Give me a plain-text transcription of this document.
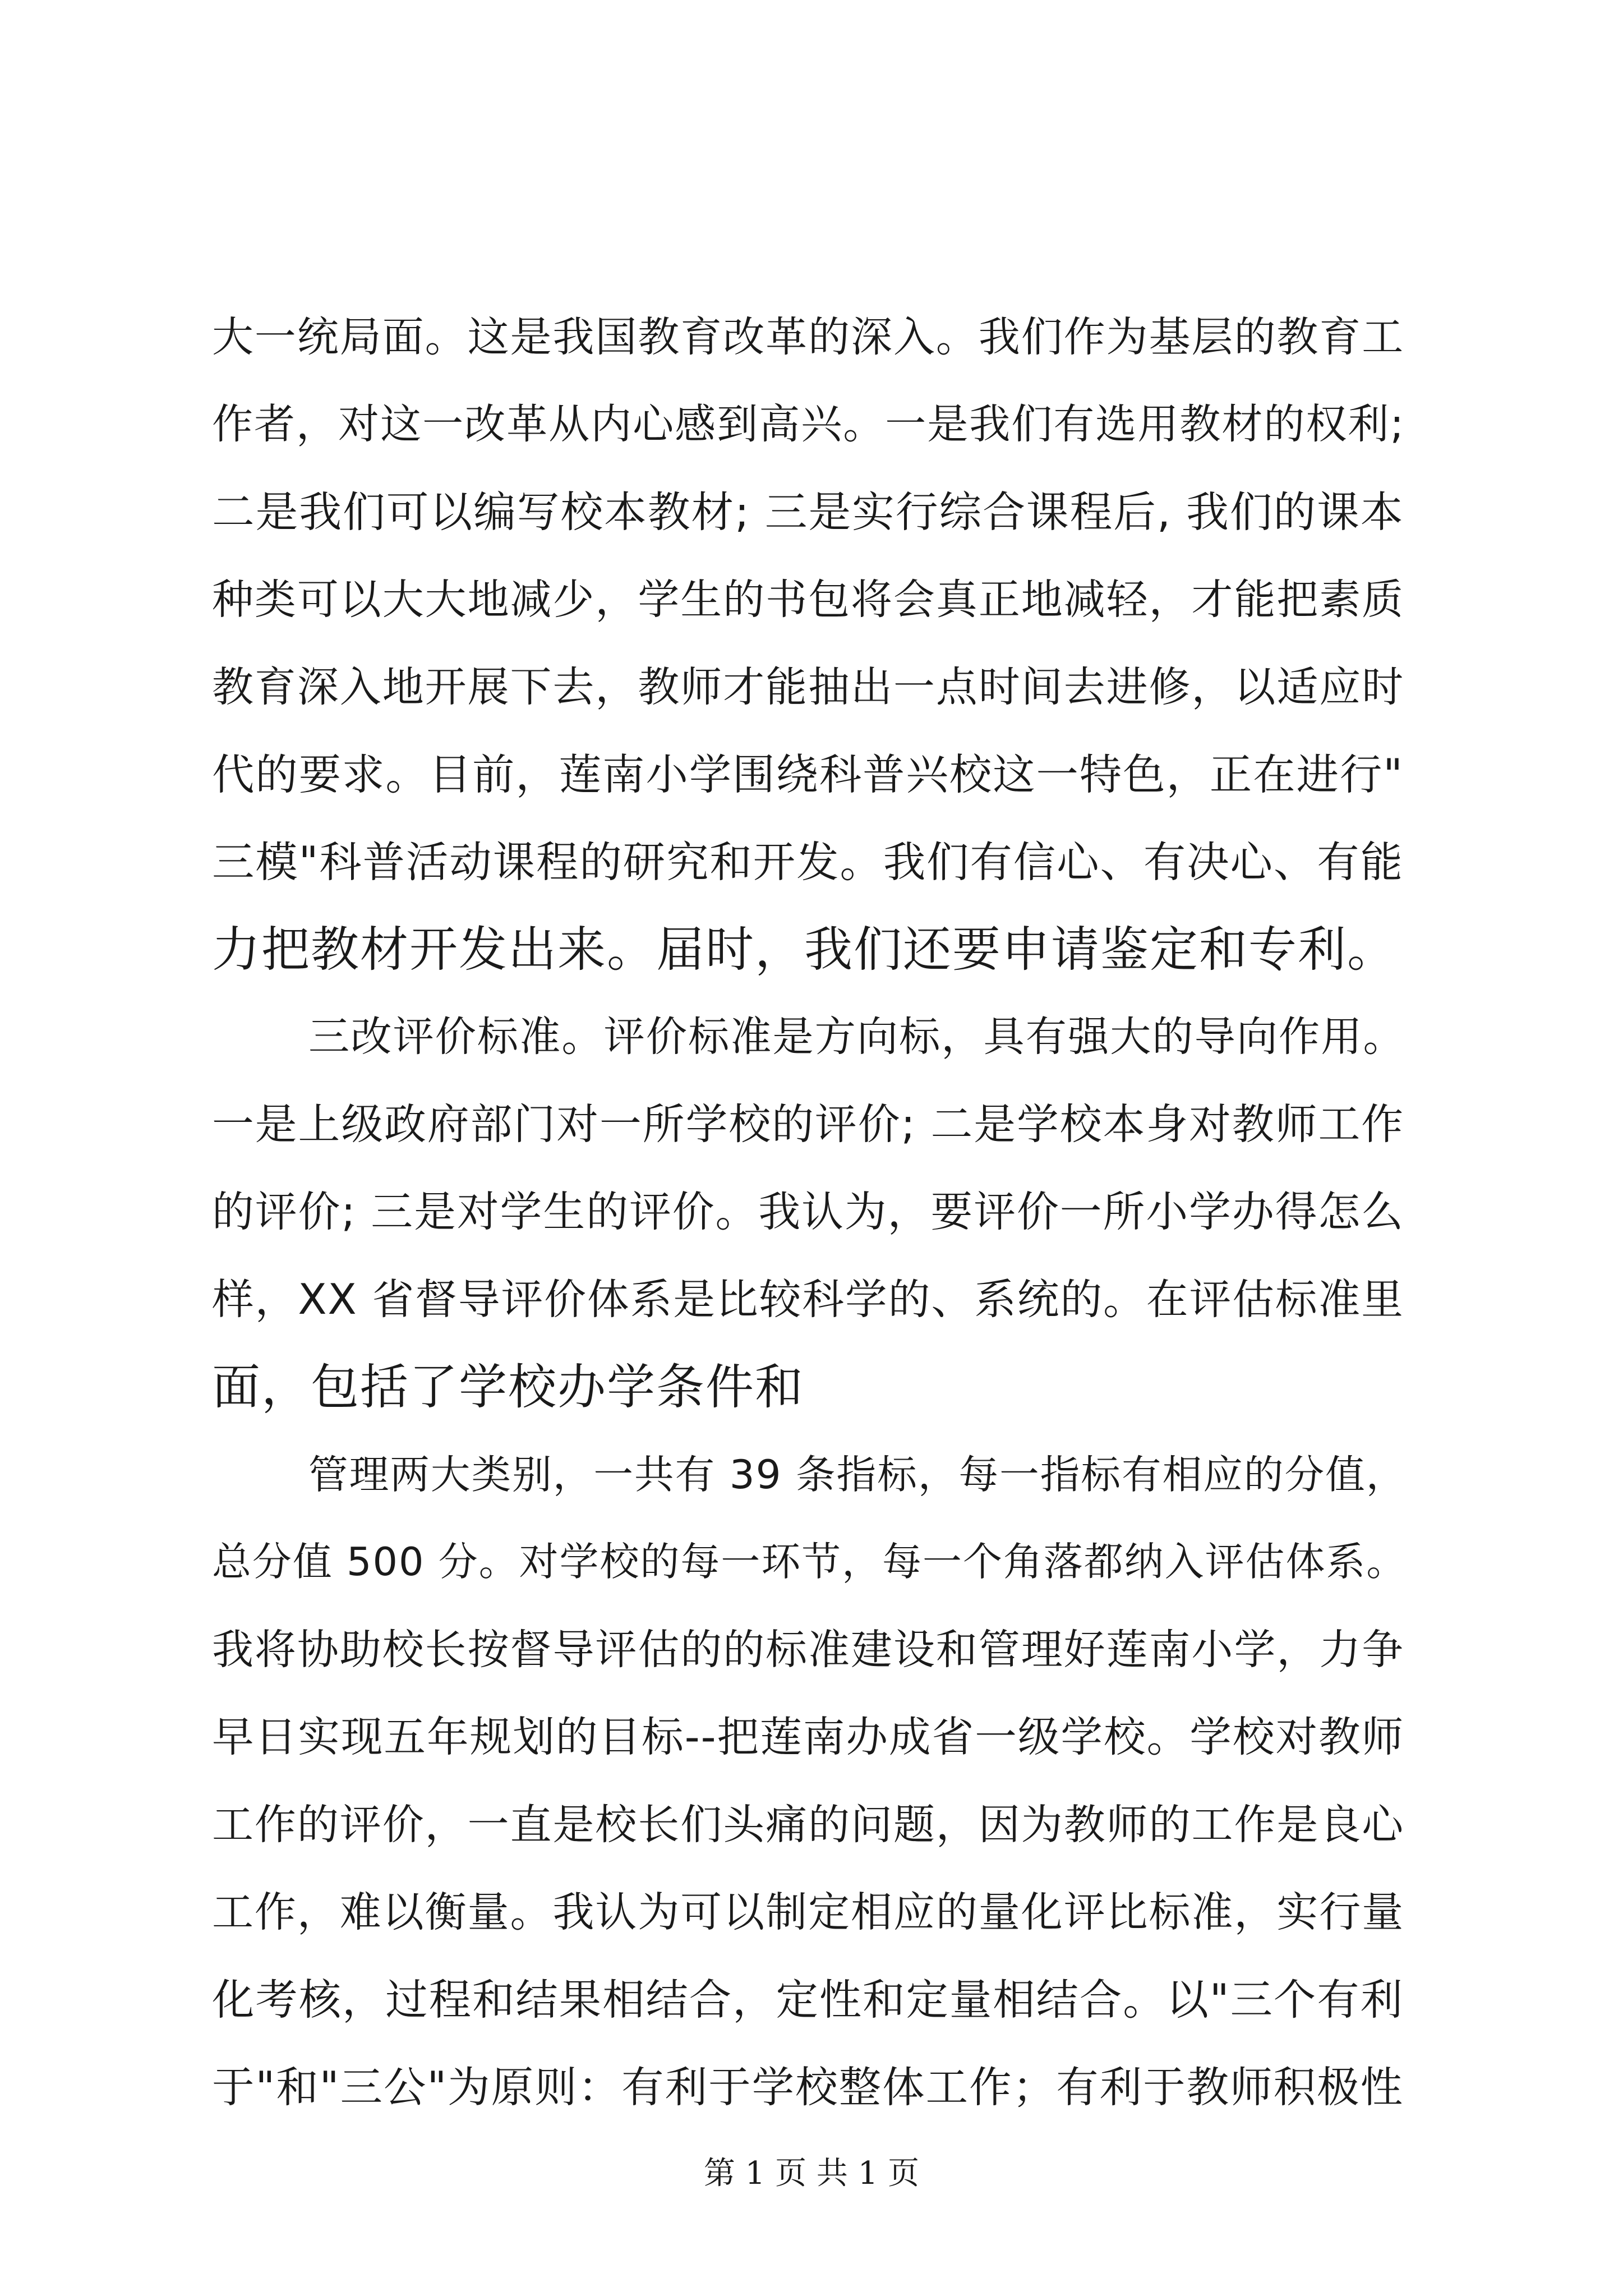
大一统局面。这是我国教育改革的深入。我们作为基层的教育工
作者，对这一改革从内心感到高兴。一是我们有选用教材的权利;
二是我们可以编写校本教材; 三是实行综合课程后, 我们的课本
种类可以大大地减少，学生的书包将会真正地减轻，才能把素质
教育深入地开展下去，教师才能抽出一点时间去进修，以适应时
代的要求。目前，莲南小学围绕科普兴校这一特色，正在进行"
三模"科普活动课程的研究和开发。我们有信心、有决心、有能
力把教材开发出来。届时，我们还要申请鉴定和专利。
三改评价标准。评价标准是方向标，具有强大的导向作用。
一是上级政府部门对一所学校的评价; 二是学校本身对教师工作
的评价; 三是对学生的评价。我认为，要评价一所小学办得怎么
样，XX 省督导评价体系是比较科学的、系统的。在评估标准里
面，包括了学校办学条件和
管理两大类别，一共有 39 条指标，每一指标有相应的分值，
总分值 500 分。对学校的每一环节，每一个角落都纳入评估体系。
我将协助校长按督导评估的的标准建设和管理好莲南小学，力争
早日实现五年规划的目标--把莲南办成省一级学校。学校对教师
工作的评价，一直是校长们头痛的问题，因为教师的工作是良心
工作，难以衡量。我认为可以制定相应的量化评比标准，实行量
化考核，过程和结果相结合，定性和定量相结合。以"三个有利
于"和"三公"为原则：有利于学校整体工作；有利于教师积极性
第 1 页 共 1 页
